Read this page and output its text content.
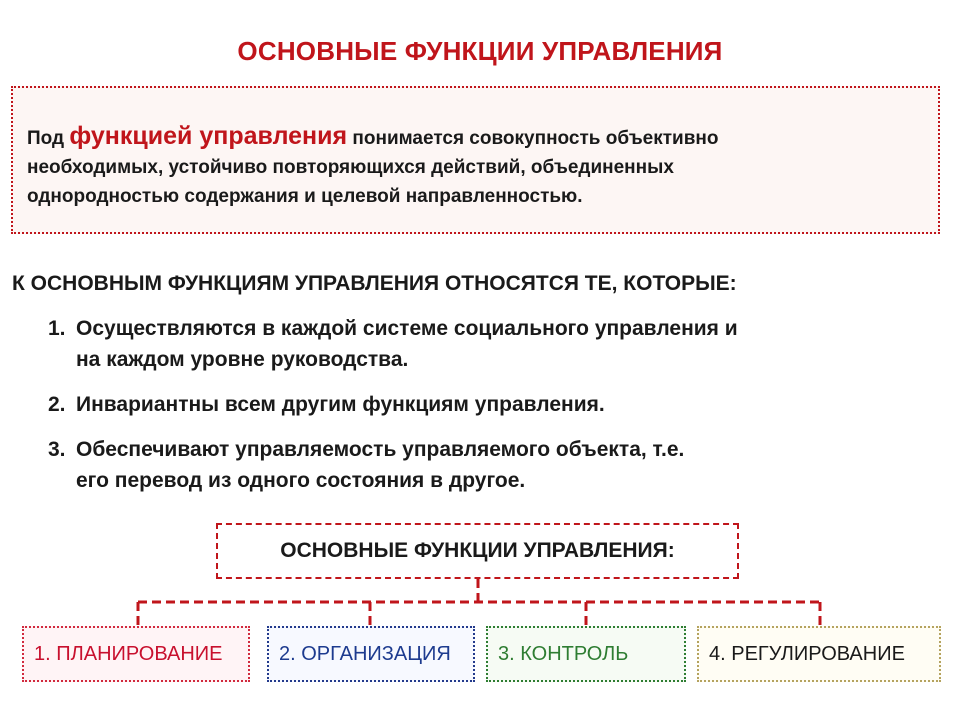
ОСНОВНЫЕ ФУНКЦИИ УПРАВЛЕНИЯ
Под функцией управления понимается совокупность объективно
необходимых, устойчиво повторяющихся действий, объединенных
однородностью содержания и целевой направленностью.
К ОСНОВНЫМ ФУНКЦИЯМ УПРАВЛЕНИЯ ОТНОСЯТСЯ ТЕ, КОТОРЫЕ:
1. Осуществляются в каждой системе социального управления и
на каждом уровне руководства.
2. Инвариантны всем другим функциям управления.
3. Обеспечивают управляемость управляемого объекта, т.е.
его перевод из одного состояния в другое.
ОСНОВНЫЕ ФУНКЦИИ УПРАВЛЕНИЯ:
1. ПЛАНИРОВАНИЕ	2. ОРГАНИЗАЦИЯ 3. КОНТРОЛЬ	4. РЕГУЛИРОВАНИЕ
